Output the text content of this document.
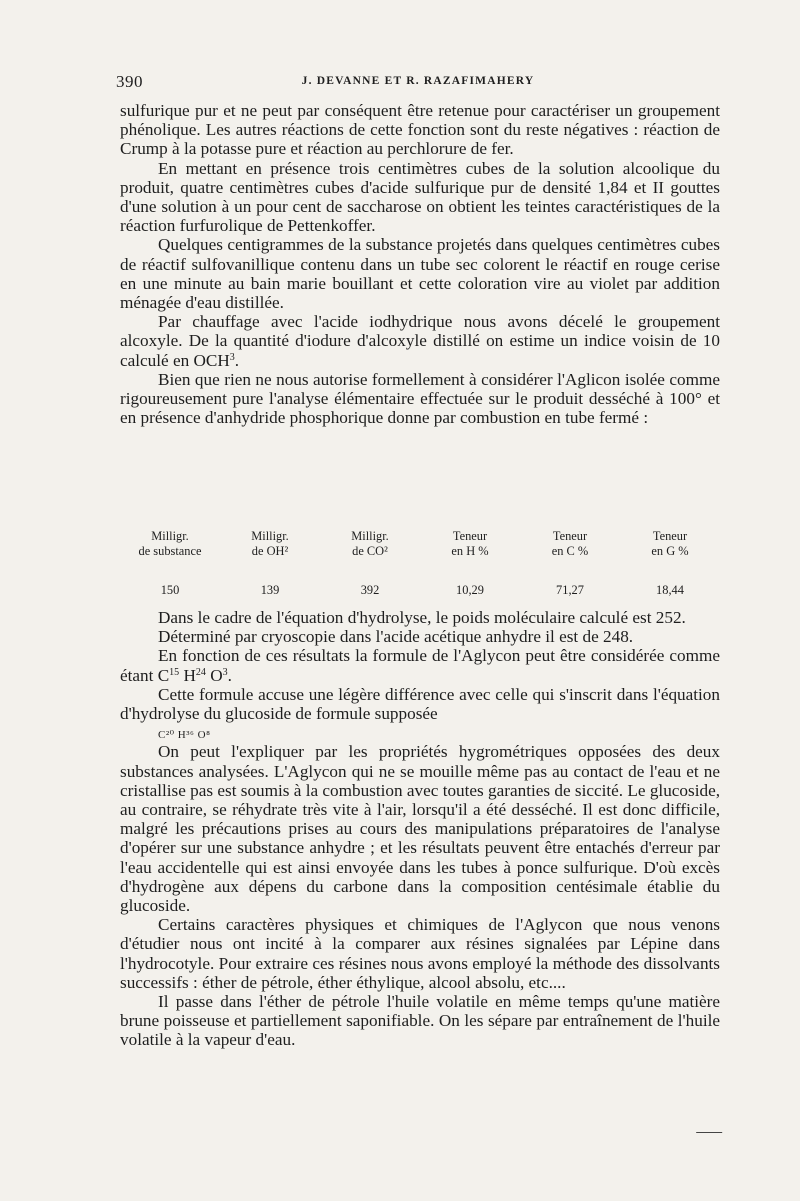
390	J. DEVANNE ET R. RAZAFIMAHERY

sulfurique pur et ne peut par conséquent être retenue pour caractériser un groupement phénolique. Les autres réactions de cette fonction sont du reste négatives : réaction de Crump à la potasse pure et réaction au perchlorure de fer.

En mettant en présence trois centimètres cubes de la solution alcoolique du produit, quatre centimètres cubes d'acide sulfurique pur de densité 1,84 et II gouttes d'une solution à un pour cent de saccharose on obtient les teintes caractéristiques de la réaction furfurolique de Pettenkoffer.

Quelques centigrammes de la substance projetés dans quelques centimètres cubes de réactif sulfovanillique contenu dans un tube sec colorent le réactif en rouge cerise en une minute au bain marie bouillant et cette coloration vire au violet par addition ménagée d'eau distillée.

Par chauffage avec l'acide iodhydrique nous avons décelé le groupement alcoxyle. De la quantité d'iodure d'alcoxyle distillé on estime un indice voisin de 10 calculé en OCH$^3$.

Bien que rien ne nous autorise formellement à considérer l'Aglicon isolée comme rigoureusement pure l'analyse élémentaire effectuée sur le produit desséché à 100° et en présence d'anhydride phosphorique donne par combustion en tube fermé :

Milligr.	Milligr.	Milligr.	Teneur	Teneur	Teneur
de substance	de OH²	de CO²	en H %	en C %	en G %
150	139	392	10,29	71,27	18,44

Dans le cadre de l'équation d'hydrolyse, le poids moléculaire calculé est 252.

Déterminé par cryoscopie dans l'acide acétique anhydre il est de 248.

En fonction de ces résultats la formule de l'Aglycon peut être considérée comme étant $C^{15}$ $H^{24}$ $O^3$.

Cette formule accuse une légère différence avec celle qui s'inscrit dans l'équation d'hydrolyse du glucoside de formule supposée
C²⁰ H³⁶ O⁸

On peut l'expliquer par les propriétés hygrométriques opposées des deux substances analysées. L'Aglycon qui ne se mouille même pas au contact de l'eau et ne cristallise pas est soumis à la combustion avec toutes garanties de siccité. Le glucoside, au contraire, se réhydrate très vite à l'air, lorsqu'il a été desséché. Il est donc difficile, malgré les précautions prises au cours des manipulations préparatoires de l'analyse d'opérer sur une substance anhydre ; et les résultats peuvent être entachés d'erreur par l'eau accidentelle qui est ainsi envoyée dans les tubes à ponce sulfurique. D'où excès d'hydrogène aux dépens du carbone dans la composition centésimale établie du glucoside.

Certains caractères physiques et chimiques de l'Aglycon que nous venons d'étudier nous ont incité à la comparer aux résines signalées par Lépine dans l'hydrocotyle. Pour extraire ces résines nous avons employé la méthode des dissolvants successifs : éther de pétrole, éther éthylique, alcool absolu, etc....

Il passe dans l'éther de pétrole l'huile volatile en même temps qu'une matière brune poisseuse et partiellement saponifiable. On les sépare par entraînement de l'huile volatile à la vapeur d'eau.
